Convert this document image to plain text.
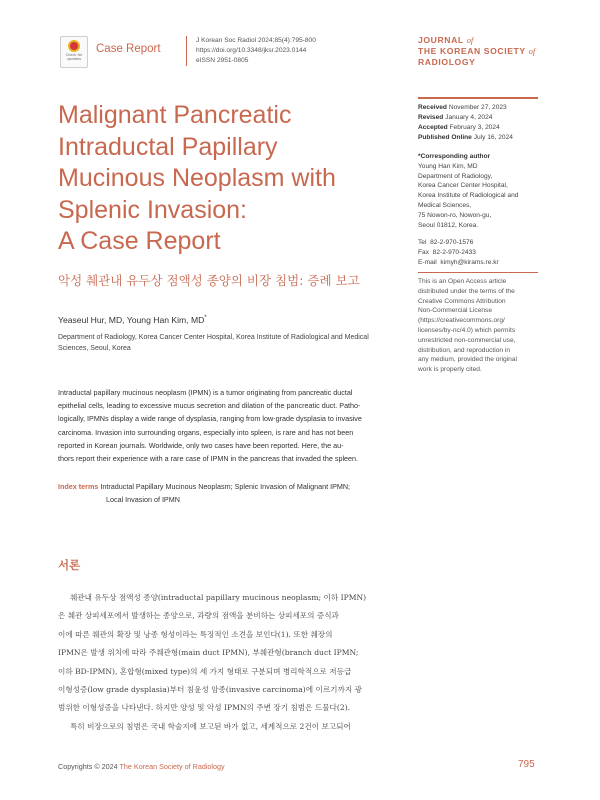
Check for updates
Case Report
J Korean Soc Radiol 2024;85(4):795-800
https://doi.org/10.3348/jksr.2023.0144
eISSN 2951-0805
JOURNAL of
THE KOREAN SOCIETY of
RADIOLOGY
Malignant Pancreatic
Intraductal Papillary
Mucinous Neoplasm with
Splenic Invasion:
A Case Report
악성 췌관내 유두상 점액성 종양의 비장 침범: 증례 보고
Yeaseul Hur, MD, Young Han Kim, MD*
Department of Radiology, Korea Cancer Center Hospital, Korea Institute of Radiological and Medical Sciences, Seoul, Korea
Received November 27, 2023
Revised January 4, 2024
Accepted February 3, 2024
Published Online July 16, 2024
*Corresponding author
Young Han Kim, MD
Department of Radiology,
Korea Cancer Center Hospital,
Korea Institute of Radiological and
Medical Sciences,
75 Nowon-ro, Nowon-gu,
Seoul 01812, Korea.
Tel 82-2-970-1576
Fax 82-2-970-2433
E-mail kimyh@kirams.re.kr
This is an Open Access article
distributed under the terms of the
Creative Commons Attribution
Non-Commercial License
(https://creativecommons.org/
licenses/by-nc/4.0) which permits
unrestricted non-commercial use,
distribution, and reproduction in
any medium, provided the original
work is properly cited.
Intraductal papillary mucinous neoplasm (IPMN) is a tumor originating from pancreatic ductal
epithelial cells, leading to excessive mucus secretion and dilation of the pancreatic duct. Patho-
logically, IPMNs display a wide range of dysplasia, ranging from low-grade dysplasia to invasive
carcinoma. Invasion into surrounding organs, especially into spleen, is rare and has not been
reported in Korean journals. Worldwide, only two cases have been reported. Here, the au-
thors report their experience with a rare case of IPMN in the pancreas that invaded the spleen.
Index terms Intraductal Papillary Mucinous Neoplasm; Splenic Invasion of Malignant IPMN;
Local Invasion of IPMN
서론
췌관내 유두상 점액성 종양(intraductal papillary mucinous neoplasm; 이하 IPMN)
은 췌관 상피세포에서 발생하는 종양으로, 과량의 점액을 분비하는 상피세포의 증식과
이에 따른 췌관의 확장 및 낭종 형성이라는 특징적인 소견을 보인다(1). 또한 췌장의
IPMN은 발생 위치에 따라 주췌관형(main duct IPMN), 부췌관형(branch duct IPMN;
이하 BD-IPMN), 혼합형(mixed type)의 세 가지 형태로 구분되며 병리학적으로 저등급
이형성증(low grade dysplasia)부터 침윤성 암종(invasive carcinoma)에 이르기까지 광
범위한 이형성증을 나타낸다. 하지만 양성 및 악성 IPMN의 주변 장기 침범은 드물다(2).
특히 비장으로의 침범은 국내 학술지에 보고된 바가 없고, 세계적으로 2건이 보고되어
Copyrights © 2024 The Korean Society of Radiology	795
